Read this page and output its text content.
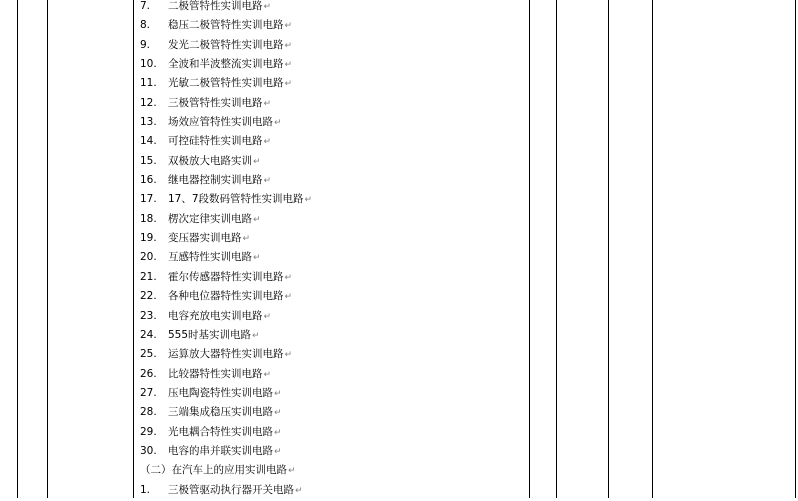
7. 二极管特性实训电路↵
8. 稳压二极管特性实训电路↵
9. 发光二极管特性实训电路↵
10. 全波和半波整流实训电路↵
11. 光敏二极管特性实训电路↵
12. 三极管特性实训电路↵
13. 场效应管特性实训电路↵
14. 可控硅特性实训电路↵
15. 双极放大电路实训↵
16. 继电器控制实训电路↵
17. 17、7段数码管特性实训电路↵
18. 楞次定律实训电路↵
19. 变压器实训电路↵
20. 互感特性实训电路↵
21. 霍尔传感器特性实训电路↵
22. 各种电位器特性实训电路↵
23. 电容充放电实训电路↵
24. 555时基实训电路↵
25. 运算放大器特性实训电路↵
26. 比较器特性实训电路↵
27. 压电陶瓷特性实训电路↵
28. 三端集成稳压实训电路↵
29. 光电耦合特性实训电路↵
30. 电容的串并联实训电路↵
（二）在汽车上的应用实训电路↵
1. 三极管驱动执行器开关电路↵
